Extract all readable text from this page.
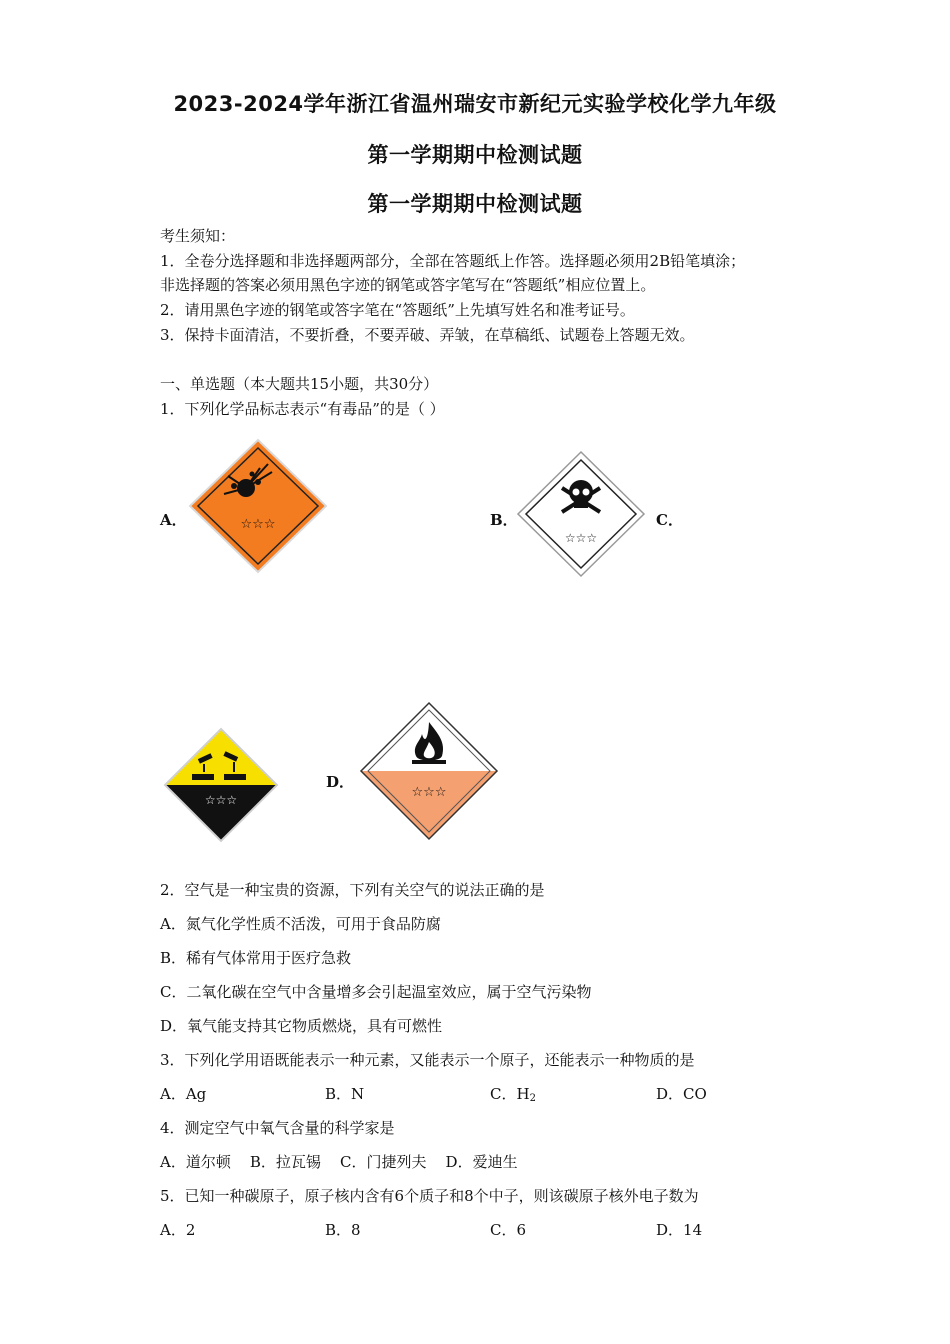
2023-2024学年浙江省温州瑞安市新纪元实验学校化学九年级
第一学期期中检测试题
第一学期期中检测试题
考生须知：
1．全卷分选择题和非选择题两部分，全部在答题纸上作答。选择题必须用2B铅笔填涂；
非选择题的答案必须用黑色字迹的钢笔或答字笔写在“答题纸”相应位置上。
2．请用黑色字迹的钢笔或答字笔在“答题纸”上先填写姓名和准考证号。
3．保持卡面清洁，不要折叠，不要弄破、弄皱，在草稿纸、试题卷上答题无效。
一、单选题（本大题共15小题，共30分）
1．下列化学品标志表示“有毒品”的是（ ）
A．	☆☆☆	B．
☆☆☆
C．
☆☆☆
D．
☆☆☆
2．空气是一种宝贵的资源，下列有关空气的说法正确的是
A．氮气化学性质不活泼，可用于食品防腐
B．稀有气体常用于医疗急救
C．二氧化碳在空气中含量增多会引起温室效应，属于空气污染物
D．氧气能支持其它物质燃烧，具有可燃性
3．下列化学用语既能表示一种元素，又能表示一个原子，还能表示一种物质的是
A．Ag	B．N	C．$H_2$	D．CO
4．测定空气中氧气含量的科学家是
A．道尔顿    B．拉瓦锡    C．门捷列夫    D．爱迪生
5．已知一种碳原子，原子核内含有6个质子和8个中子，则该碳原子核外电子数为
A．2	B．8	C．6	D．14
